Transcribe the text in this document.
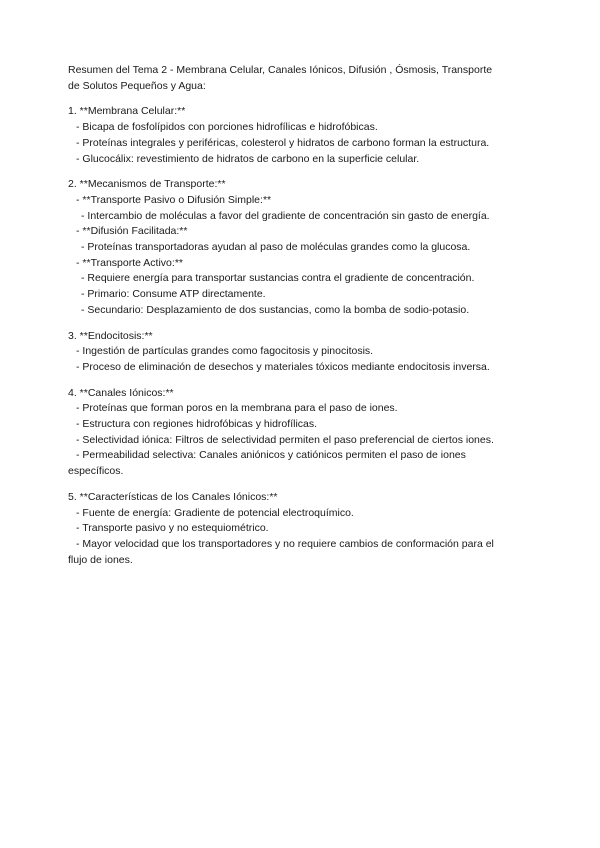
Resumen del Tema 2 - Membrana Celular, Canales Iónicos, Difusión , Ósmosis, Transporte
de Solutos Pequeños y Agua:
1. **Membrana Celular:**
- Bicapa de fosfolípidos con porciones hidrofílicas e hidrofóbicas.
- Proteínas integrales y periféricas, colesterol y hidratos de carbono forman la estructura.
- Glucocálix: revestimiento de hidratos de carbono en la superficie celular.
2. **Mecanismos de Transporte:**
- **Transporte Pasivo o Difusión Simple:**
- Intercambio de moléculas a favor del gradiente de concentración sin gasto de energía.
- **Difusión Facilitada:**
- Proteínas transportadoras ayudan al paso de moléculas grandes como la glucosa.
- **Transporte Activo:**
- Requiere energía para transportar sustancias contra el gradiente de concentración.
- Primario: Consume ATP directamente.
- Secundario: Desplazamiento de dos sustancias, como la bomba de sodio-potasio.
3. **Endocitosis:**
- Ingestión de partículas grandes como fagocitosis y pinocitosis.
- Proceso de eliminación de desechos y materiales tóxicos mediante endocitosis inversa.
4. **Canales Iónicos:**
- Proteínas que forman poros en la membrana para el paso de iones.
- Estructura con regiones hidrofóbicas y hidrofílicas.
- Selectividad iónica: Filtros de selectividad permiten el paso preferencial de ciertos iones.
- Permeabilidad selectiva: Canales aniónicos y catiónicos permiten el paso de iones
específicos.
5. **Características de los Canales Iónicos:**
- Fuente de energía: Gradiente de potencial electroquímico.
- Transporte pasivo y no estequiométrico.
- Mayor velocidad que los transportadores y no requiere cambios de conformación para el
flujo de iones.
